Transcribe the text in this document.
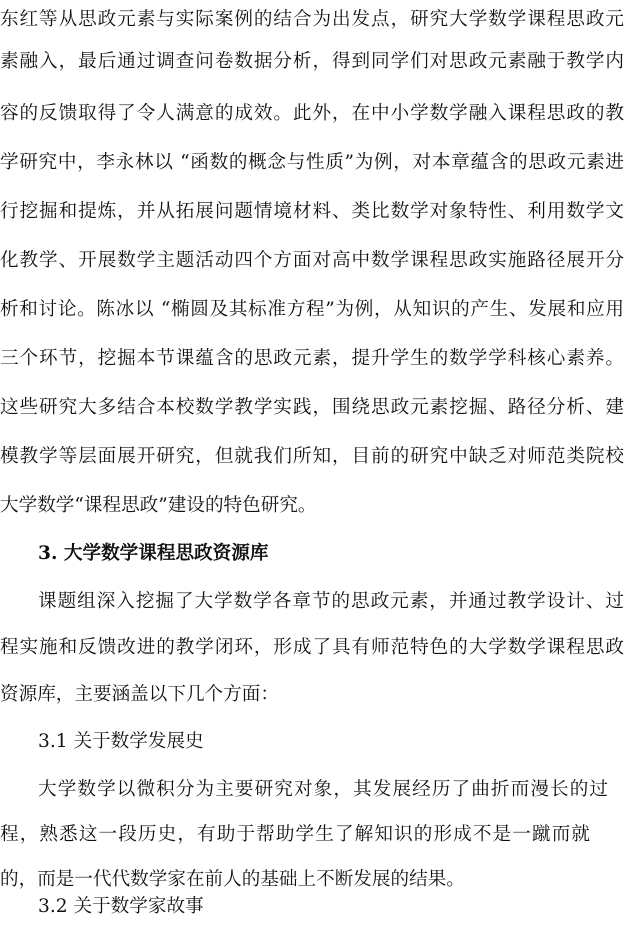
东红等从思政元素与实际案例的结合为出发点，研究大学数学课程思政元
素融入，最后通过调查问卷数据分析，得到同学们对思政元素融于教学内
容的反馈取得了令人满意的成效。此外，在中小学数学融入课程思政的教
学研究中，李永林以 “函数的概念与性质”为例，对本章蕴含的思政元素进
行挖掘和提炼，并从拓展问题情境材料、类比数学对象特性、利用数学文
化教学、开展数学主题活动四个方面对高中数学课程思政实施路径展开分
析和讨论。陈冰以 “椭圆及其标准方程”为例，从知识的产生、发展和应用
三个环节，挖掘本节课蕴含的思政元素，提升学生的数学学科核心素养。
这些研究大多结合本校数学教学实践，围绕思政元素挖掘、路径分析、建
模教学等层面展开研究，但就我们所知，目前的研究中缺乏对师范类院校
大学数学“课程思政”建设的特色研究。
3. 大学数学课程思政资源库
课题组深入挖掘了大学数学各章节的思政元素，并通过教学设计、过
程实施和反馈改进的教学闭环，形成了具有师范特色的大学数学课程思政
资源库，主要涵盖以下几个方面：
3.1 关于数学发展史
大学数学以微积分为主要研究对象，其发展经历了曲折而漫长的过
程，熟悉这一段历史，有助于帮助学生了解知识的形成不是一蹴而就
的，而是一代代数学家在前人的基础上不断发展的结果。
3.2 关于数学家故事
